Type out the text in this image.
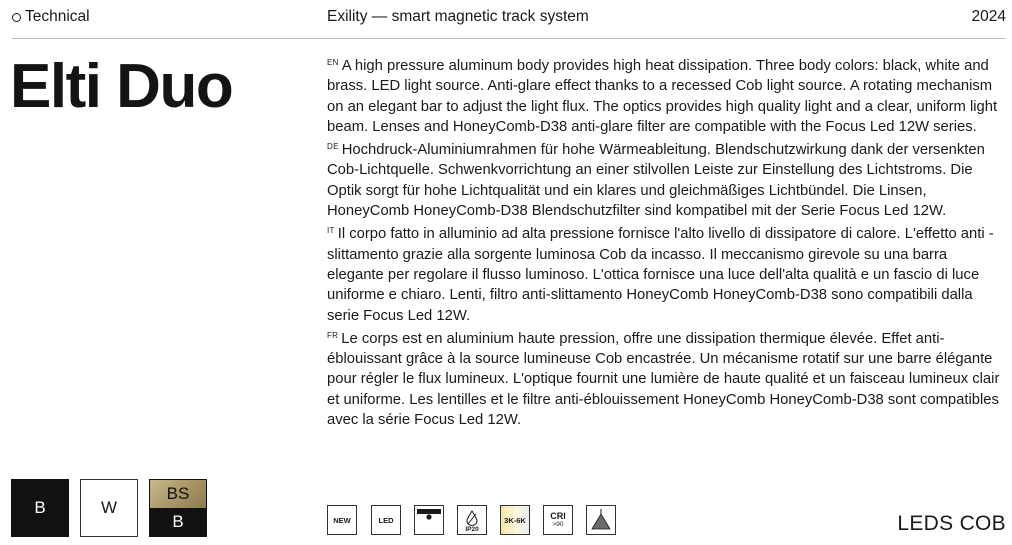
Technical	Exility — smart magnetic track system	2024
Elti Duo	$^{EN}$ A high pressure aluminum body provides high heat dissipation. Three body colors: black, white and brass. LED light source. Anti-glare effect thanks to a recessed Cob light source. A rotating mechanism on an elegant bar to adjust the light flux. The optics provides high quality light and a clear, uniform light beam. Lenses and HoneyComb-D38 anti-glare filter are compatible with the Focus Led 12W series.
$^{DE}$ Hochdruck-Aluminiumrahmen für hohe Wärmeableitung. Blendschutzwirkung dank der versenkten Cob-Lichtquelle. Schwenkvorrichtung an einer stilvollen Leiste zur Einstellung des Lichtstroms. Die Optik sorgt für hohe Lichtqualität und ein klares und gleichmäßiges Lichtbündel. Die Linsen, HoneyComb HoneyComb-D38 Blendschutzfilter sind kompatibel mit der Serie Focus Led 12W.
$^{IT}$ Il corpo fatto in alluminio ad alta pressione fornisce l'alto livello di dissipatore di calore. L'effetto anti - slittamento grazie alla sorgente luminosa Cob da incasso. Il meccanismo girevole su una barra elegante per regolare il flusso luminoso. L'ottica fornisce una luce dell'alta qualità e un fascio di luce uniforme e chiaro. Lenti, filtro anti-slittamento HoneyComb HoneyComb-D38 sono compatibili dalla serie Focus Led 12W.
$^{FR}$ Le corps est en aluminium haute pression, offre une dissipation thermique élevée. Effet anti-éblouissant grâce à la source lumineuse Cob encastrée. Un mécanisme rotatif sur une barre élégante pour régler le flux lumineux. L'optique fournit une lumière de haute qualité et un faisceau lumineux clair et uniforme. Les lentilles et le filtre anti-éblouissement HoneyComb HoneyComb-D38 sont compatibles avec la série Focus Led 12W.
B	W
BS
B	NEW	LED
IP20
3K-6K	CRI
>90	LEDS COB
